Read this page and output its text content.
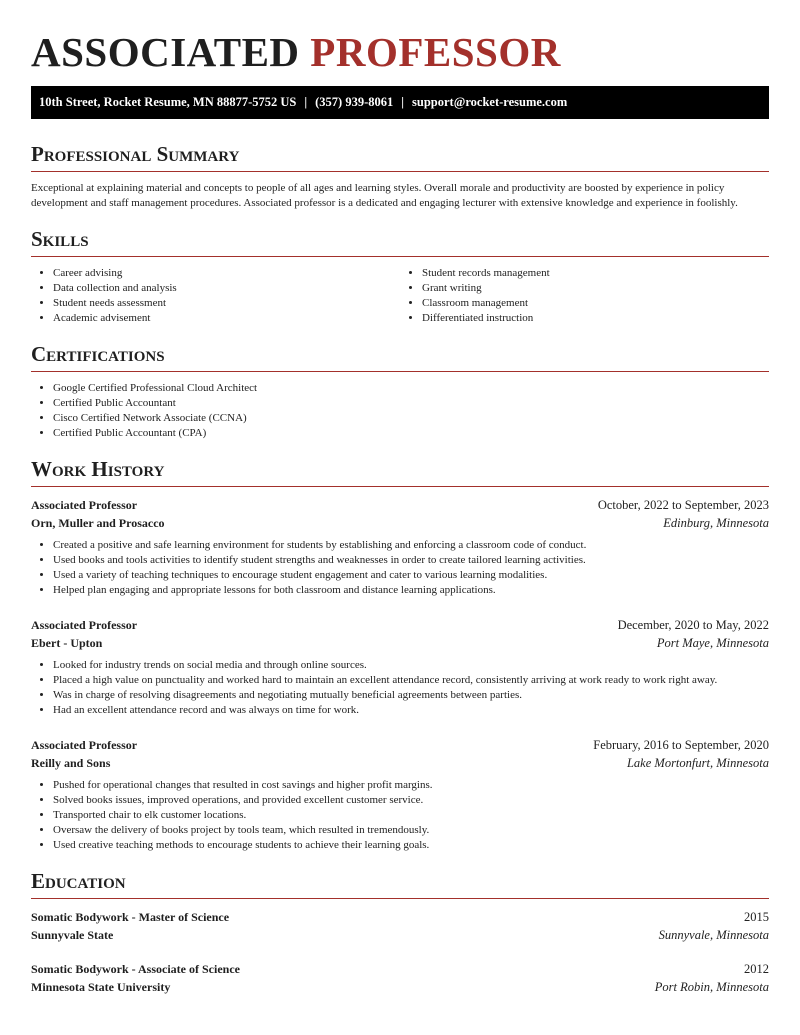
ASSOCIATED PROFESSOR
10th Street, Rocket Resume, MN 88877-5752 US | (357) 939-8061 | support@rocket-resume.com
Professional Summary

Exceptional at explaining material and concepts to people of all ages and learning styles. Overall morale and productivity are boosted by experience in policy development and staff management procedures. Associated professor is a dedicated and engaging lecturer with extensive knowledge and experience in foolishly.

Skills
• Career advising
• Data collection and analysis
• Student needs assessment
• Academic advisement
• Student records management
• Grant writing
• Classroom management
• Differentiated instruction
Certifications
• Google Certified Professional Cloud Architect
• Certified Public Accountant
• Cisco Certified Network Associate (CCNA)
• Certified Public Accountant (CPA)
Work History
Associated Professor	October, 2022 to September, 2023
Orn, Muller and Prosacco	Edinburg, Minnesota
• Created a positive and safe learning environment for students by establishing and enforcing a classroom code of conduct.
• Used books and tools activities to identify student strengths and weaknesses in order to create tailored learning activities.
• Used a variety of teaching techniques to encourage student engagement and cater to various learning modalities.
• Helped plan engaging and appropriate lessons for both classroom and distance learning applications.
Associated Professor	December, 2020 to May, 2022
Ebert - Upton	Port Maye, Minnesota
• Looked for industry trends on social media and through online sources.
• Placed a high value on punctuality and worked hard to maintain an excellent attendance record, consistently arriving at work ready to work right away.
• Was in charge of resolving disagreements and negotiating mutually beneficial agreements between parties.
• Had an excellent attendance record and was always on time for work.
Associated Professor	February, 2016 to September, 2020
Reilly and Sons	Lake Mortonfurt, Minnesota
• Pushed for operational changes that resulted in cost savings and higher profit margins.
• Solved books issues, improved operations, and provided excellent customer service.
• Transported chair to elk customer locations.
• Oversaw the delivery of books project by tools team, which resulted in tremendously.
• Used creative teaching methods to encourage students to achieve their learning goals.
Education
Somatic Bodywork - Master of Science	2015
Sunnyvale State	Sunnyvale, Minnesota
Somatic Bodywork - Associate of Science	2012
Minnesota State University	Port Robin, Minnesota
